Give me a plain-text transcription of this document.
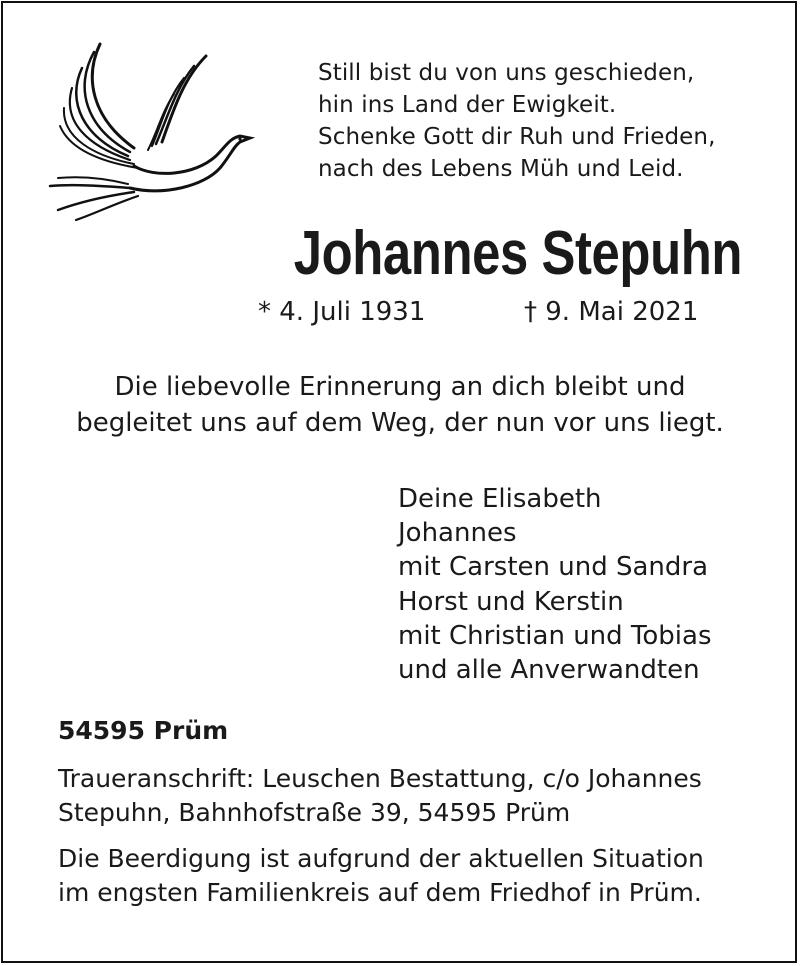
Still bist du von uns geschieden,
hin ins Land der Ewigkeit.
Schenke Gott dir Ruh und Frieden,
nach des Lebens Müh und Leid.
Johannes Stepuhn
* 4. Juli 1931	† 9. Mai 2021
Die liebevolle Erinnerung an dich bleibt und
begleitet uns auf dem Weg, der nun vor uns liegt.
Deine Elisabeth
Johannes
mit Carsten und Sandra
Horst und Kerstin
mit Christian und Tobias
und alle Anverwandten
54595 Prüm
Traueranschrift: Leuschen Bestattung, c/o Johannes
Stepuhn, Bahnhofstraße 39, 54595 Prüm
Die Beerdigung ist aufgrund der aktuellen Situation
im engsten Familienkreis auf dem Friedhof in Prüm.
